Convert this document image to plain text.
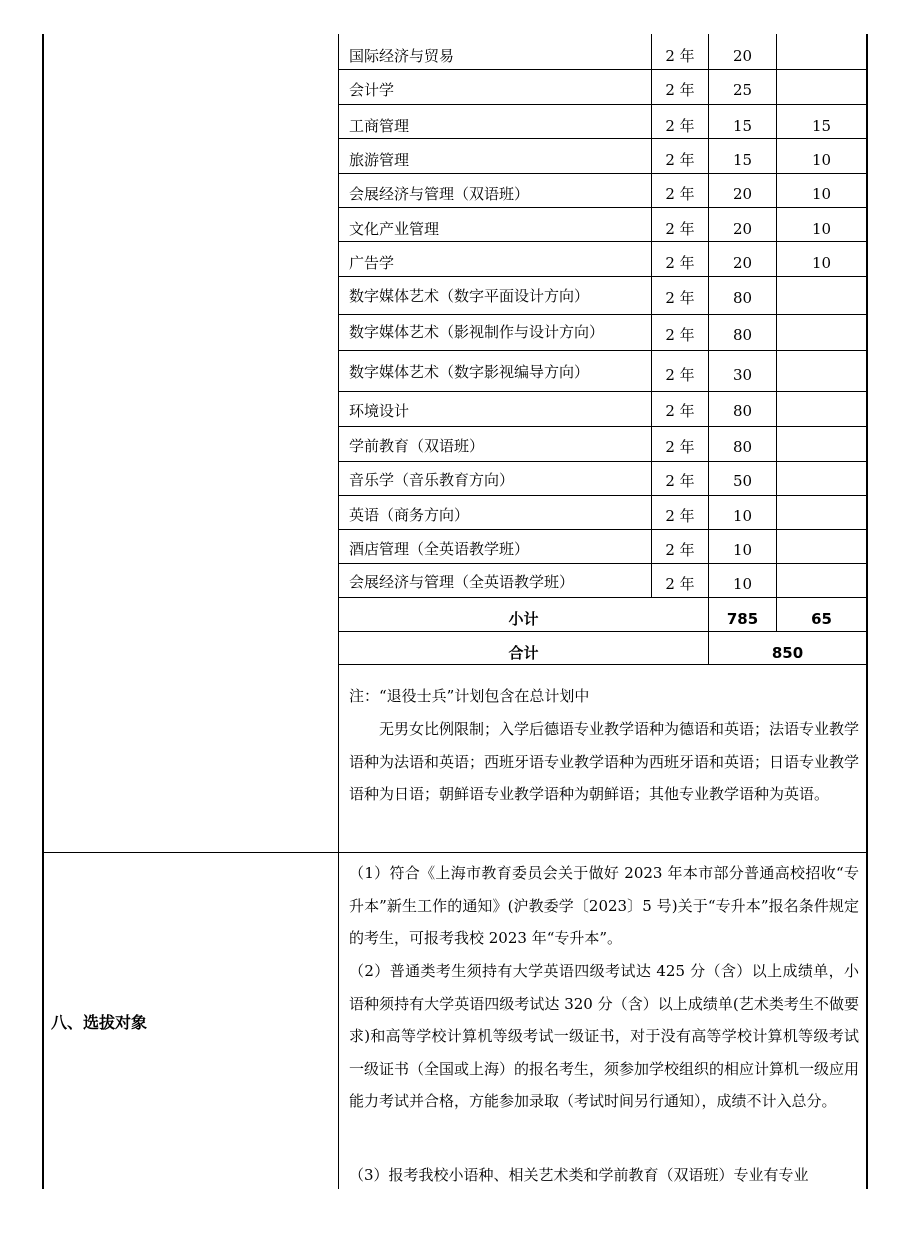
国际经济与贸易	2 年	20
会计学	2 年	25
工商管理	2 年	15	15
旅游管理	2 年	15	10
会展经济与管理（双语班）	2 年	20	10
文化产业管理	2 年	20	10
广告学	2 年	20	10
数字媒体艺术（数字平面设计方向）	2 年	80
数字媒体艺术（影视制作与设计方向）	2 年	80
数字媒体艺术（数字影视编导方向）	2 年	30
环境设计	2 年	80
学前教育（双语班）	2 年	80
音乐学（音乐教育方向）	2 年	50
英语（商务方向）	2 年	10
酒店管理（全英语教学班）	2 年	10
会展经济与管理（全英语教学班）	2 年	10
小计	785	65
合计	850
注：“退役士兵”计划包含在总计划中
无男女比例限制；入学后德语专业教学语种为德语和英语；法语专业教学语种为法语和英语；西班牙语专业教学语种为西班牙语和英语；日语专业教学语种为日语；朝鲜语专业教学语种为朝鲜语；其他专业教学语种为英语。
八、选拔对象
（1）符合《上海市教育委员会关于做好 2023 年本市部分普通高校招收“专升本”新生工作的通知》(沪教委学〔2023〕5 号)关于“专升本”报名条件规定的考生，可报考我校 2023 年“专升本”。
（2）普通类考生须持有大学英语四级考试达 425 分（含）以上成绩单，小语种须持有大学英语四级考试达 320 分（含）以上成绩单(艺术类考生不做要求)和高等学校计算机等级考试一级证书，对于没有高等学校计算机等级考试一级证书（全国或上海）的报名考生，须参加学校组织的相应计算机一级应用能力考试并合格，方能参加录取（考试时间另行通知），成绩不计入总分。
（3）报考我校小语种、相关艺术类和学前教育（双语班）专业有专业
